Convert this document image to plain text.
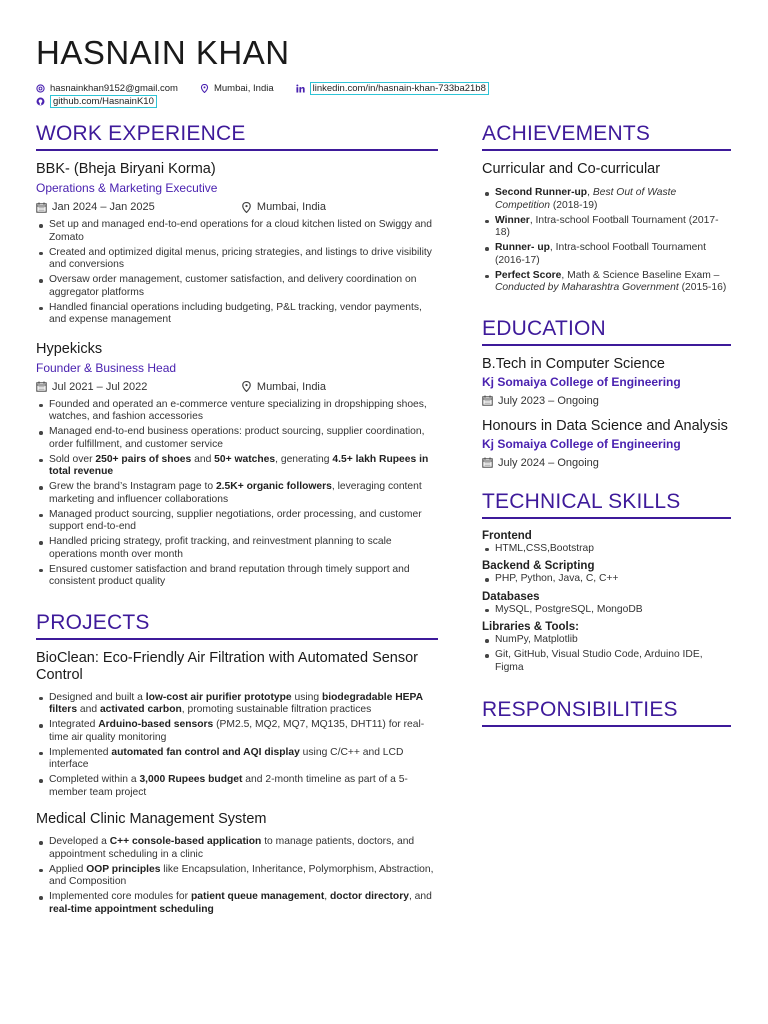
HASNAIN KHAN
hasnainkhan9152@gmail.com	Mumbai, India	linkedin.com/in/hasnain-khan-733ba21b8
github.com/HasnainK10
WORK EXPERIENCE

BBK- (Bheja Biryani Korma)

Operations & Marketing Executive

Jan 2024 – Jan 2025	Mumbai, India
Set up and managed end-to-end operations for a cloud kitchen listed on Swiggy and Zomato
Created and optimized digital menus, pricing strategies, and listings to drive visibility and conversions
Oversaw order management, customer satisfaction, and delivery coordination on aggregator platforms
Handled financial operations including budgeting, P&L tracking, vendor payments, and expense management

Hypekicks

Founder & Business Head

Jul 2021 – Jul 2022	Mumbai, India
Founded and operated an e-commerce venture specializing in dropshipping shoes, watches, and fashion accessories
Managed end-to-end business operations: product sourcing, supplier coordination, order fulfillment, and customer service
Sold over 250+ pairs of shoes and 50+ watches, generating 4.5+ lakh Rupees in total revenue
Grew the brand’s Instagram page to 2.5K+ organic followers, leveraging content marketing and influencer collaborations
Managed product sourcing, supplier negotiations, order processing, and customer support end-to-end
Handled pricing strategy, profit tracking, and reinvestment planning to scale operations month over month
Ensured customer satisfaction and brand reputation through timely support and consistent product quality
PROJECTS

BioClean: Eco-Friendly Air Filtration with Automated Sensor Control

Designed and built a low-cost air purifier prototype using biodegradable HEPA filters and activated carbon, promoting sustainable filtration practices
Integrated Arduino-based sensors (PM2.5, MQ2, MQ7, MQ135, DHT11) for real-time air quality monitoring
Implemented automated fan control and AQI display using C/C++ and LCD interface
Completed within a 3,000 Rupees budget and 2-month timeline as part of a 5-member team project

Medical Clinic Management System

Developed a C++ console-based application to manage patients, doctors, and appointment scheduling in a clinic
Applied OOP principles like Encapsulation, Inheritance, Polymorphism, Abstraction, and Composition
Implemented core modules for patient queue management, doctor directory, and real-time appointment scheduling
ACHIEVEMENTS

Curricular and Co-curricular

Second Runner-up, Best Out of Waste Competition (2018-19)
Winner, Intra-school Football Tournament (2017-18)
Runner- up, Intra-school Football Tournament (2016-17)
Perfect Score, Math & Science Baseline Exam – Conducted by Maharashtra Government (2015-16)
EDUCATION

B.Tech in Computer Science

Kj Somaiya College of Engineering

July 2023 – Ongoing

Honours in Data Science and Analysis

Kj Somaiya College of Engineering

July 2024 – Ongoing
TECHNICAL SKILLS

Frontend

HTML,CSS,Bootstrap

Backend & Scripting

PHP, Python, Java, C, C++

Databases

MySQL, PostgreSQL, MongoDB

Libraries & Tools:

NumPy, Matplotlib
Git, GitHub, Visual Studio Code, Arduino IDE, Figma
RESPONSIBILITIES
